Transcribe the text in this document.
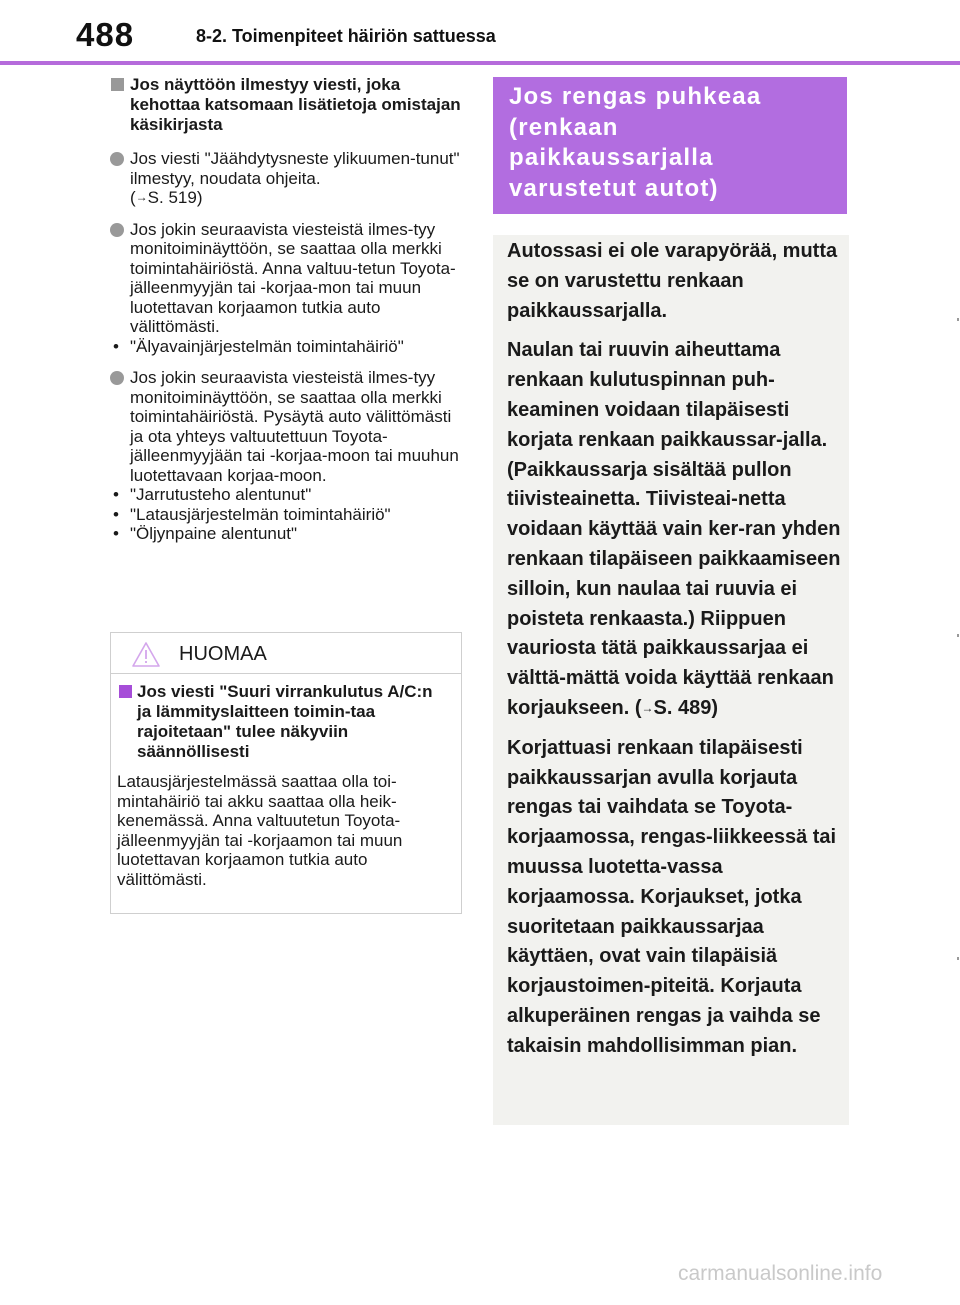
488	8-2. Toimenpiteet häiriön sattuessa
Jos näyttöön ilmestyy viesti, joka kehottaa katsomaan lisätietoja omistajan käsikirjasta
Jos viesti "Jäähdytysneste ylikuumen-tunut" ilmestyy, noudata ohjeita.
(→S. 519)
Jos jokin seuraavista viesteistä ilmes-tyy monitoiminäyttöön, se saattaa olla merkki toimintahäiriöstä. Anna valtuu-tetun Toyota-jälleenmyyjän tai -korjaa-mon tai muun luotettavan korjaamon tutkia auto välittömästi.
• "Älyavainjärjestelmän toimintahäiriö"
Jos jokin seuraavista viesteistä ilmes-tyy monitoiminäyttöön, se saattaa olla merkki toimintahäiriöstä. Pysäytä auto välittömästi ja ota yhteys valtuutettuun Toyota-jälleenmyyjään tai -korjaa-moon tai muuhun luotettavaan korjaa-moon.
• "Jarrutusteho alentunut"
• "Latausjärjestelmän toimintahäiriö"
• "Öljynpaine alentunut"
HUOMAA
Jos viesti "Suuri virrankulutus A/C:n ja lämmityslaitteen toimin-taa rajoitetaan" tulee näkyviin säännöllisesti
Latausjärjestelmässä saattaa olla toi-mintahäiriö tai akku saattaa olla heik-kenemässä. Anna valtuutetun Toyota-jälleenmyyjän tai -korjaamon tai muun luotettavan korjaamon tutkia auto välittömästi.
Jos rengas puhkeaa
(renkaan
paikkaussarjalla
varustetut autot)

Autossasi ei ole varapyörää, mutta se on varustettu renkaan paikkaussarjalla.

Naulan tai ruuvin aiheuttama renkaan kulutuspinnan puh-keaminen voidaan tilapäisesti korjata renkaan paikkaussar-jalla. (Paikkaussarja sisältää pullon tiivisteainetta. Tiivisteai-netta voidaan käyttää vain ker-ran yhden renkaan tilapäiseen paikkaamiseen silloin, kun naulaa tai ruuvia ei poisteta renkaasta.) Riippuen vauriosta tätä paikkaussarjaa ei välttä-mättä voida käyttää renkaan korjaukseen. (→S. 489)

Korjattuasi renkaan tilapäisesti paikkaussarjan avulla korjauta rengas tai vaihdata se Toyota-korjaamossa, rengas-liikkeessä tai muussa luotetta-vassa korjaamossa. Korjaukset, jotka suoritetaan paikkaussarjaa käyttäen, ovat vain tilapäisiä korjaustoimen-piteitä. Korjauta alkuperäinen rengas ja vaihda se takaisin mahdollisimman pian.

carmanualsonline.info
